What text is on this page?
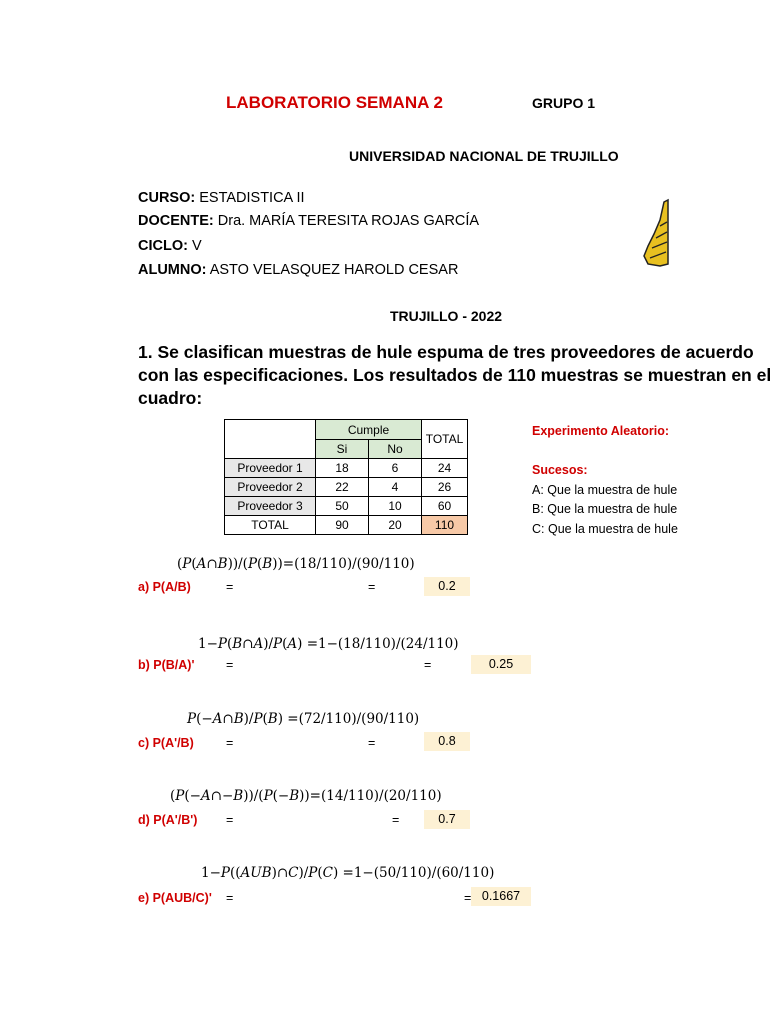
LABORATORIO SEMANA 2	GRUPO 1
UNIVERSIDAD NACIONAL DE TRUJILLO
CURSO: ESTADISTICA II
DOCENTE: Dra. MARÍA TERESITA ROJAS GARCÍA
CICLO: V
ALUMNO: ASTO VELASQUEZ HAROLD CESAR
TRUJILLO - 2022
1. Se clasifican muestras de hule espuma de tres proveedores de acuerdo
con las especificaciones. Los resultados de 110 muestras se muestran en el
cuadro:
	Cumple		TOTAL
	Si	No	
Proveedor 1	18	6	24
Proveedor 2	22	4	26
Proveedor 3	50	10	60
TOTAL	90	20	110
Experimento Aleatorio:
Sucesos:
A: Que la muestra de hule
B: Que la muestra de hule
C: Que la muestra de hule
(𝑃(𝐴∩𝐵))/(𝑃(𝐵))=(18/110)/(90/110)
a) P(A/B)	=	=	0.2
1−𝑃(𝐵∩𝐴)/𝑃(𝐴) =1−(18/110)/(24/110)
b) P(B/A)'	=	=	0.25
𝑃(−𝐴∩𝐵)/𝑃(𝐵) =(72/110)/(90/110)
c) P(A'/B)	=	=	0.8
(𝑃(−𝐴∩−𝐵))/(𝑃(−𝐵))=(14/110)/(20/110)
d) P(A'/B') =	=	0.7
1−𝑃((𝐴𝑈𝐵)∩𝐶)/𝑃(𝐶) =1−(50/110)/(60/110)
e) P(AUB/C)' =	= 0.1667
